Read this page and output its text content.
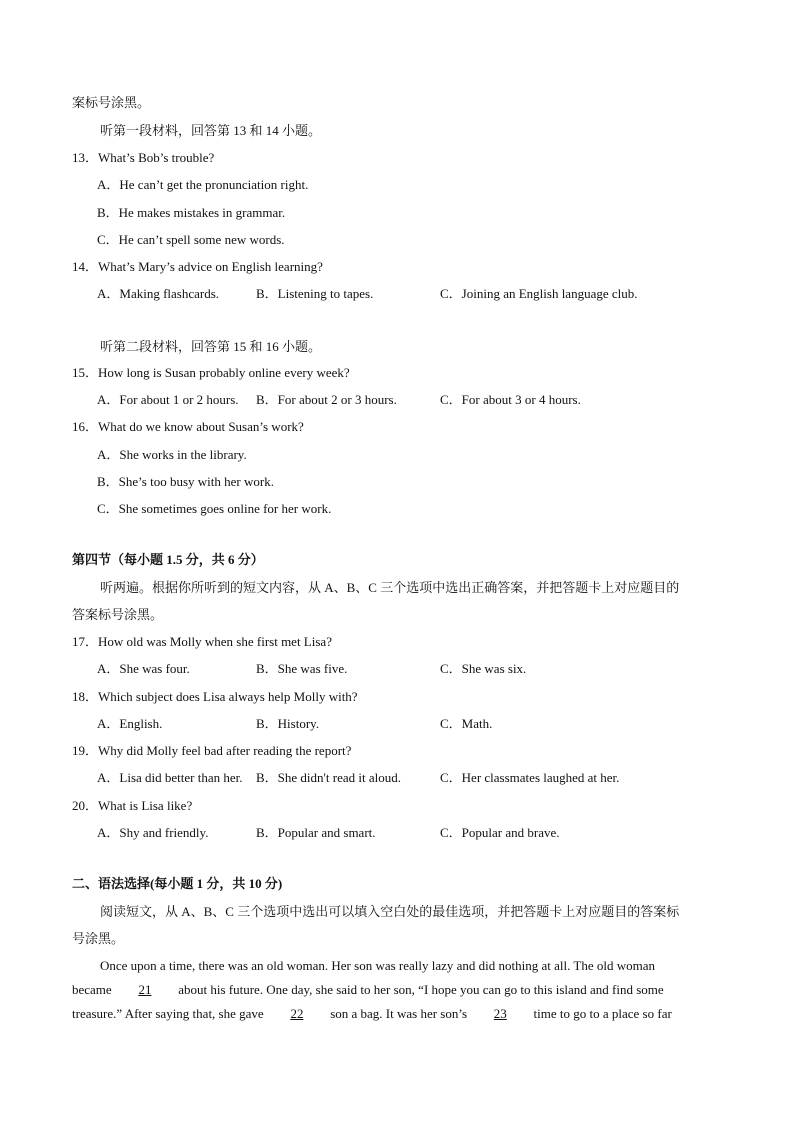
案标号涂黑。
听第一段材料，回答第 13 和 14 小题。
13．What’s Bob’s trouble?
A．He can’t get the pronunciation right.
B．He makes mistakes in grammar.
C．He can’t spell some new words.
14．What’s Mary’s advice on English learning?
A．Making flashcards.	B．Listening to tapes.	C．Joining an English language club.
听第二段材料，回答第 15 和 16 小题。
15．How long is Susan probably online every week?
A．For about 1 or 2 hours. B．For about 2 or 3 hours.	C．For about 3 or 4 hours.
16．What do we know about Susan’s work?
A．She works in the library.
B．She’s too busy with her work.
C．She sometimes goes online for her work.
第四节（每小题 1.5 分，共 6 分）
听两遍。根据你所听到的短文内容，从 A、B、C 三个选项中选出正确答案，并把答题卡上对应题目的
答案标号涂黑。
17．How old was Molly when she first met Lisa?
A．She was four.	B．She was five.	C．She was six.
18．Which subject does Lisa always help Molly with?
A．English.	B．History.	C．Math.
19．Why did Molly feel bad after reading the report?
A．Lisa did better than her. B．She didn't read it aloud.	C．Her classmates laughed at her.
20．What is Lisa like?
A．Shy and friendly.	B．Popular and smart.	C．Popular and brave.
二、语法选择(每小题 1 分，共 10 分)
阅读短文，从 A、B、C 三个选项中选出可以填入空白处的最佳选项，并把答题卡上对应题目的答案标
号涂黑。
Once upon a time, there was an old woman. Her son was really lazy and did nothing at all. The old woman
became 21 about his future. One day, she said to her son, “I hope you can go to this island and find some
treasure.” After saying that, she gave 22 son a bag. It was her son’s 23 time to go to a place so far
